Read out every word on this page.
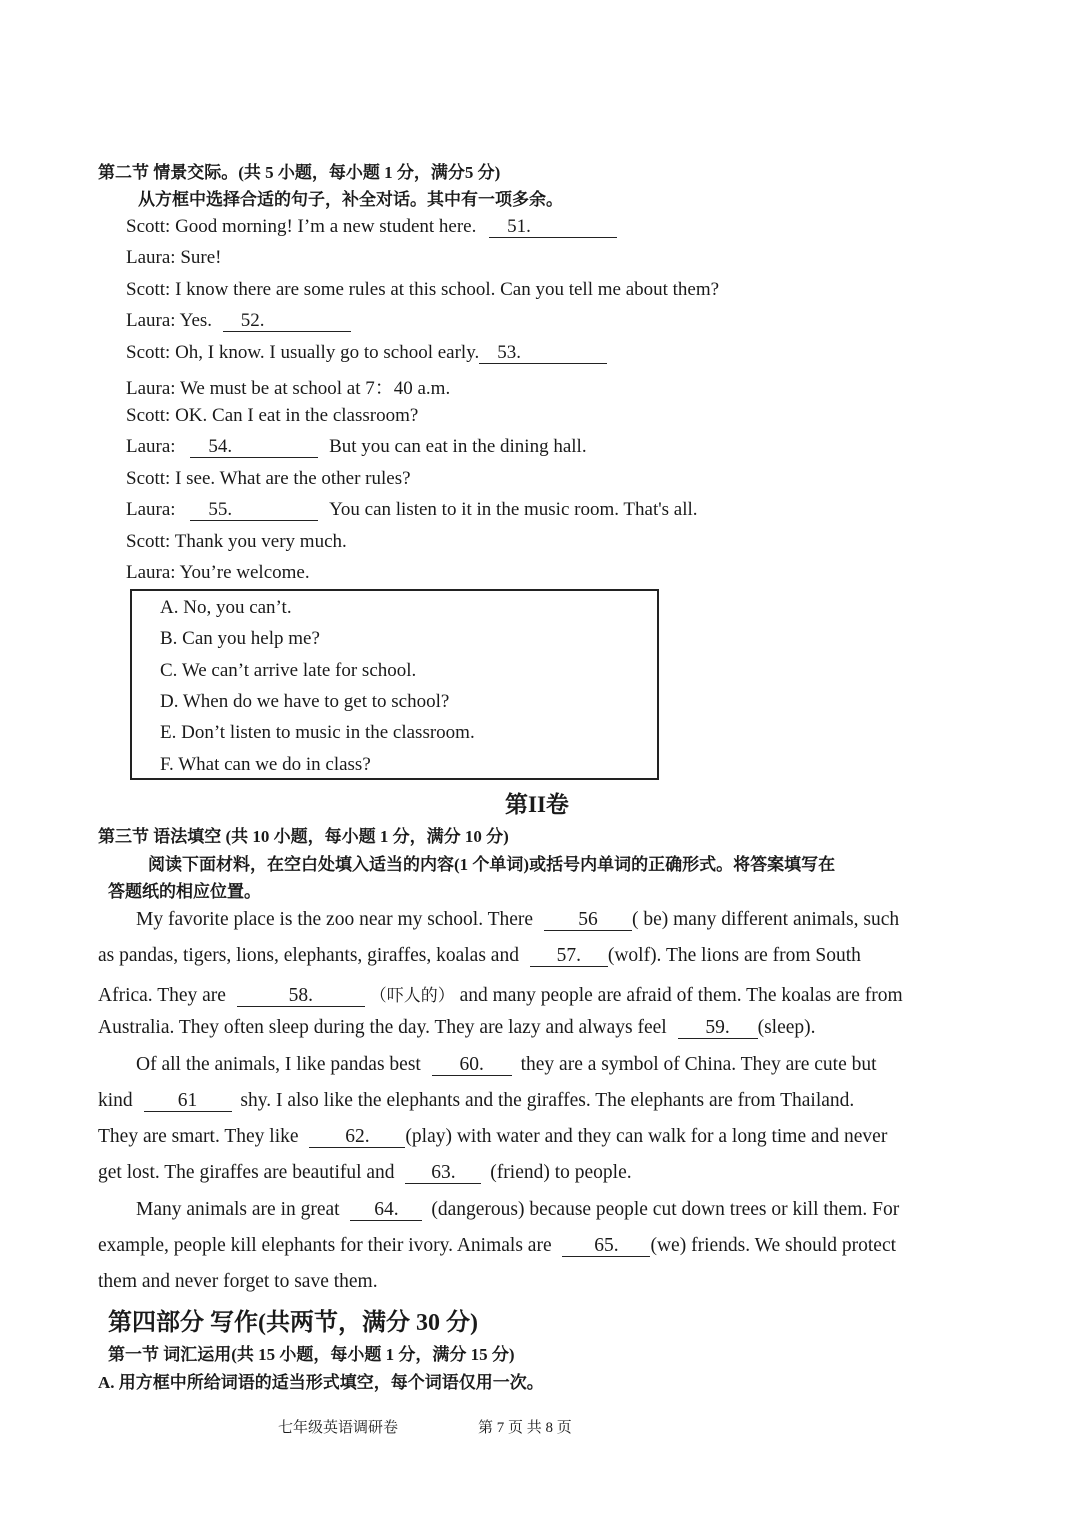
第二节 情景交际。(共 5 小题，每小题 1 分，满分5 分)
从方框中选择合适的句子，补全对话。其中有一项多余。
Scott: Good morning! I’m a new student here. 51.
Laura: Sure!
Scott: I know there are some rules at this school. Can you tell me about them?
Laura: Yes. 52.
Scott: Oh, I know. I usually go to school early. 53.
Laura: We must be at school at 7：40 a.m.
Scott: OK. Can I eat in the classroom?
Laura: 54.	But you can eat in the dining hall.
Scott: I see. What are the other rules?
Laura: 55.	You can listen to it in the music room. That's all.
Scott: Thank you very much.
Laura: You’re welcome.
A. No, you can’t.
B. Can you help me?
C. We can’t arrive late for school.
D. When do we have to get to school?
E. Don’t listen to music in the classroom.
F. What can we do in class?
第II卷
第三节 语法填空 (共 10 小题，每小题 1 分，满分 10 分)
阅读下面材料，在空白处填入适当的内容(1 个单词)或括号内单词的正确形式。将答案填写在
答题纸的相应位置。
My favorite place is the zoo near my school. There 56 ( be) many different animals, such
as pandas, tigers, lions, elephants, giraffes, koalas and 57. (wolf). The lions are from South
Africa. They are	58.	（吓人的） and many people are afraid of them. The koalas are from
Australia. They often sleep during the day. They are lazy and always feel 59. (sleep).
Of all the animals, I like pandas best 60. they are a symbol of China. They are cute but
kind 61 shy. I also like the elephants and the giraffes. The elephants are from Thailand.
They are smart. They like 62. (play) with water and they can walk for a long time and never
get lost. The giraffes are beautiful and 63. (friend) to people.
Many animals are in great 64. (dangerous) because people cut down trees or kill them. For
example, people kill elephants for their ivory. Animals are 65. (we) friends. We should protect
them and never forget to save them.
第四部分 写作(共两节，满分 30 分)
第一节 词汇运用(共 15 小题，每小题 1 分，满分 15 分)
A. 用方框中所给词语的适当形式填空，每个词语仅用一次。
七年级英语调研卷	第 7 页 共 8 页
